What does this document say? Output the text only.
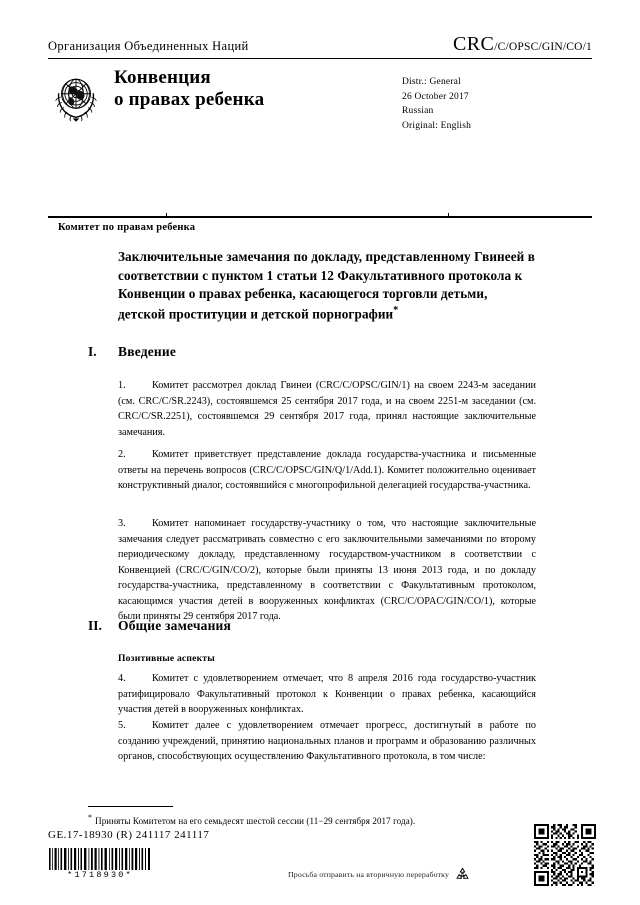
Организация Объединенных Наций	CRC /C/OPSC/GIN/CO/1
Конвенция
о правах ребенка
Distr.: General
26 October 2017
Russian
Original: English
Комитет по правам ребенка
Заключительные замечания по докладу, представленному Гвинеей в соответствии с пунктом 1 статьи 12 Факультативного протокола к Конвенции о правах ребенка, касающегося торговли детьми, детской проституции и детской порнографии*
I.	Введение
1.	Комитет рассмотрел доклад Гвинеи (CRC/C/OPSC/GIN/1) на своем 2243-м заседании (см. CRC/C/SR.2243), состоявшемся 25 сентября 2017 года, и на своем 2251-м заседании (см. CRC/C/SR.2251), состоявшемся 29 сентября 2017 года, принял настоящие заключительные замечания.
2.	Комитет приветствует представление доклада государства-участника и письменные ответы на перечень вопросов (CRC/C/OPSC/GIN/Q/1/Add.1). Комитет положительно оценивает конструктивный диалог, состоявшийся с многопрофильной делегацией государства-участника.
3.	Комитет напоминает государству-участнику о том, что настоящие заключительные замечания следует рассматривать совместно с его заключительными замечаниями по второму периодическому докладу, представленному государством-участником в соответствии с Конвенцией (CRC/C/GIN/CO/2), которые были приняты 13 июня 2013 года, и по докладу государства-участника, представленному в соответствии с Факультативным протоколом, касающимся участия детей в вооруженных конфликтах (CRC/C/OPAC/GIN/CO/1), которые были приняты 29 сентября 2017 года.
II.	Общие замечания
Позитивные аспекты
4.	Комитет с удовлетворением отмечает, что 8 апреля 2016 года государство-участник ратифицировало Факультативный протокол к Конвенции о правах ребенка, касающийся участия детей в вооруженных конфликтах.
5.	Комитет далее с удовлетворением отмечает прогресс, достигнутый в работе по созданию учреждений, принятию национальных планов и программ и образованию различных органов, способствующих осуществлению Факультативного протокола, в том числе:
* Приняты Комитетом на его семьдесят шестой сессии (11−29 сентября 2017 года).
GE.17-18930 (R) 241117 241117
*1718930*	Просьба отправить на вторичную переработку
